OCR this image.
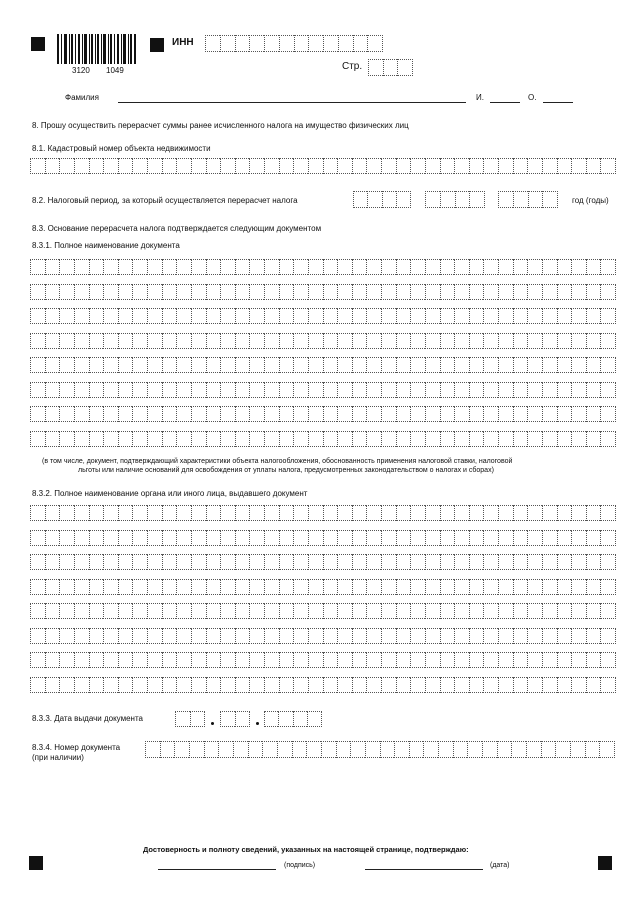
3120 1049
ИНН
Стр.
Фамилия	И.	О.
8. Прошу осуществить перерасчет суммы ранее исчисленного налога на имущество физических лиц
8.1. Кадастровый номер объекта недвижимости
8.2. Налоговый период, за который осуществляется перерасчет налога	год (годы)
8.3. Основание перерасчета налога подтверждается следующим документом
8.3.1. Полное наименование документа
(в том числе, документ, подтверждающий характеристики объекта налогообложения, обоснованность применения налоговой ставки, налоговой
льготы или наличие оснований для освобождения от уплаты налога, предусмотренных законодательством о налогах и сборах)
8.3.2. Полное наименование органа или иного лица, выдавшего документ
8.3.3. Дата выдачи документа
8.3.4. Номер документа
(при наличии)
Достоверность и полноту сведений, указанных на настоящей странице, подтверждаю:
(подпись)	(дата)
